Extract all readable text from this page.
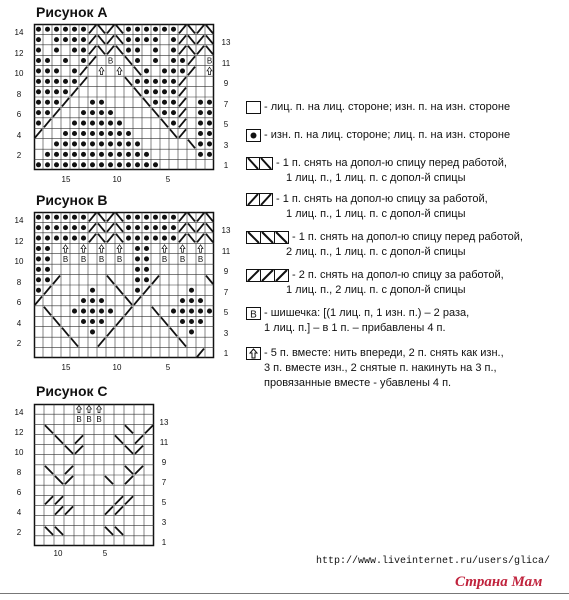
Рисунок A
B	B
14
12
10
8
6
4
2
13
11
9
7
5
3
1
15	10	5
Рисунок B
B B B B	B B B
14
12
10
8
6
4
2
13
11
9
7
5
3
1
15	10	5
Рисунок C
B B B
14
12
10
8
6
4
2
13
11
9
7
5
3
1
10	5
- лиц. п. на лиц. стороне; изн. п. на изн. стороне
- изн. п. на лиц. стороне; лиц. п. на изн. стороне
- 1 п. снять на допол-ю спицу перед работой,
1 лиц. п., 1 лиц. п. с допол-й спицы
- 1 п. снять на допол-ю спицу за работой,
1 лиц. п., 1 лиц. п. с допол-й спицы
- 1 п. снять на допол-ю спицу перед работой,
2 лиц. п., 1 лиц. п. с допол-й спицы
- 2 п. снять на допол-ю спицу за работой,
1 лиц. п., 2 лиц. п. с допол-й спицы
B - шишечка: [(1 лиц. п, 1 изн. п.) – 2 раза,
1 лиц. п.] – в 1 п. – прибавлены 4 п.
- 5 п. вместе: нить впереди, 2 п. снять как изн.,
3 п. вместе изн., 2 снятые п. накинуть на 3 п.,
провязанные вместе - убавлены 4 п.
http://www.liveinternet.ru/users/glica/
Страна Мам
